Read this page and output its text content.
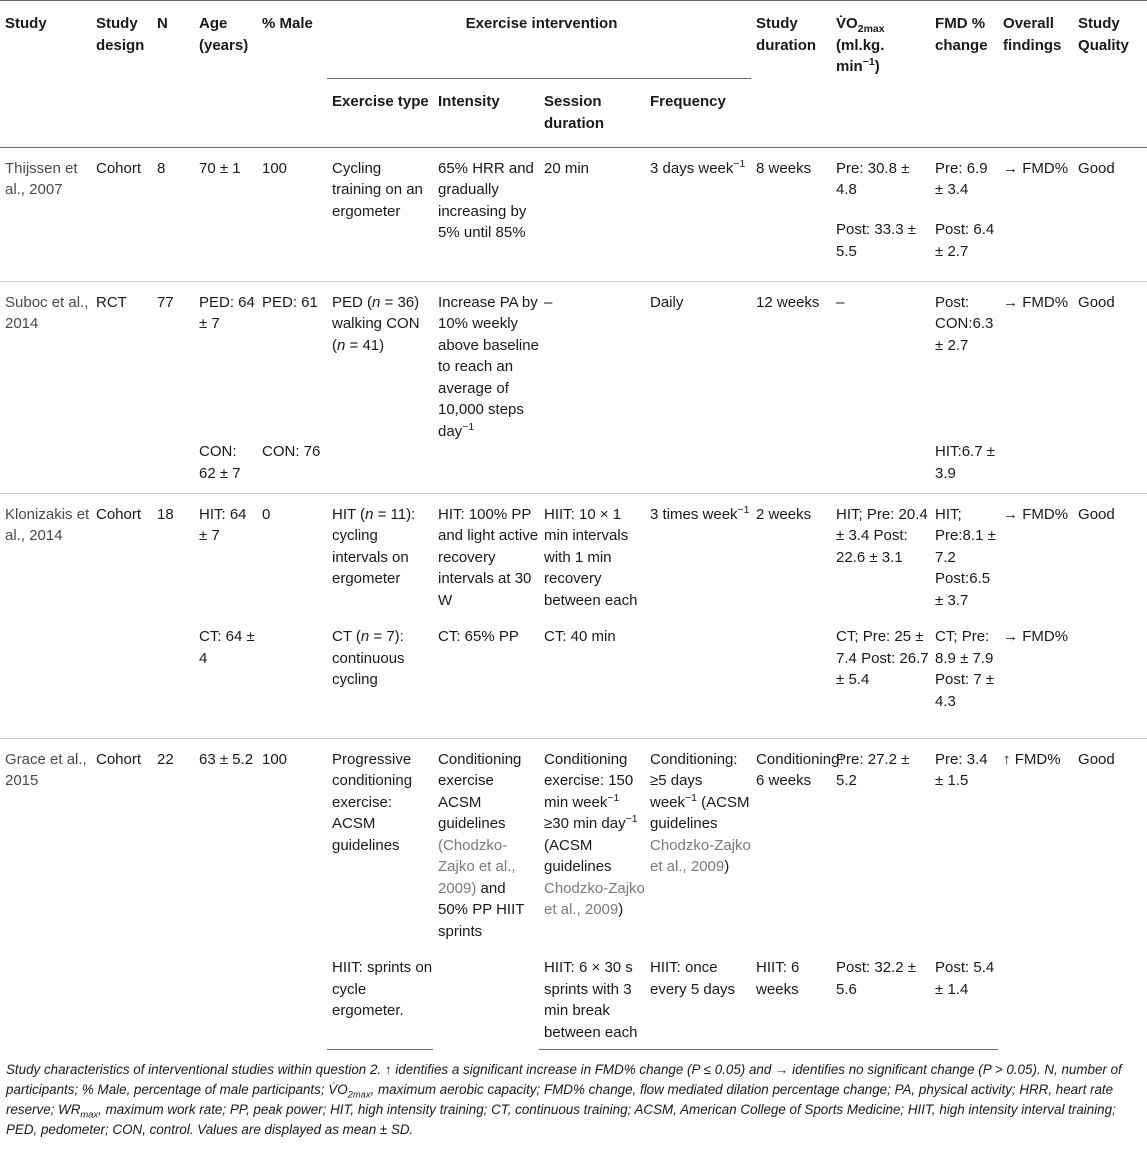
Study	Study design	N	Age (years)	% Male	Exercise intervention				Study duration	$V̇O_{2max}$ (ml.kg. $\min^{-1}$)	FMD % change	Overall findings	Study Quality
					Exercise type	Intensity	Session duration	Frequency					

Thijssen et al., 2007	Cohort	8	70 ± 1	100	Cycling training on an ergometer	65% HRR and gradually increasing by 5% until 85%	20 min	3 days week$^{-1}$	8 weeks	Pre: 30.8 ± 4.8	Pre: 6.9 ± 3.4	→ FMD%	Good
										Post: 33.3 ± 5.5	Post: 6.4 ± 2.7		
Suboc et al., 2014	RCT	77	PED: 64 ± 7	PED: 61	PED (n = 36) walking CON (n = 41)	Increase PA by 10% weekly above baseline to reach an average of 10,000 steps day$^{-1}$	–	Daily	12 weeks	–	Post: CON:6.3 ± 2.7	→ FMD%	Good
			CON: 62 ± 7	CON: 76							HIT:6.7 ± 3.9		
Klonizakis et al., 2014	Cohort	18	HIT: 64 ± 7	0	HIT (n = 11): cycling intervals on ergometer	HIT: 100% PP and light active recovery intervals at 30 W	HIIT: 10 × 1 min intervals with 1 min recovery between each	3 times week$^{-1}$	2 weeks	HIT; Pre: 20.4 ± 3.4 Post: 22.6 ± 3.1	HIT; Pre:8.1 ± 7.2 Post:6.5 ± 3.7	→ FMD%	Good
			CT: 64 ± 4		CT (n = 7): continuous cycling	CT: 65% PP	CT: 40 min			CT; Pre: 25 ± 7.4 Post: 26.7 ± 5.4	CT; Pre: 8.9 ± 7.9 Post: 7 ± 4.3	→ FMD%	
Grace et al., 2015	Cohort	22	63 ± 5.2	100	Progressive conditioning exercise: ACSM guidelines	Conditioning exercise ACSM guidelines (Chodzko-Zajko et al., 2009) and 50% PP HIIT sprints	Conditioning exercise: 150 min week$^{-1}$ ≥30 min day$^{-1}$ (ACSM guidelines Chodzko-Zajko et al., 2009)	Conditioning: ≥5 days week$^{-1}$ (ACSM guidelines Chodzko-Zajko et al., 2009)	Conditioning: 6 weeks	Pre: 27.2 ± 5.2	Pre: 3.4 ± 1.5	↑ FMD%	Good
					HIIT: sprints on cycle ergometer.		HIIT: 6 × 30 s sprints with 3 min break between each	HIIT: once every 5 days	HIIT: 6 weeks	Post: 32.2 ± 5.6	Post: 5.4 ± 1.4		
Study characteristics of interventional studies within question 2. ↑ identifies a significant increase in FMD% change (P ≤ 0.05) and → identifies no significant change (P > 0.05). N, number of participants; % Male, percentage of male participants; $V̇O_{2max}$, maximum aerobic capacity; FMD% change, flow mediated dilation percentage change; PA, physical activity; HRR, heart rate reserve; $WR_{max}$, maximum work rate; PP, peak power; HIT, high intensity training; CT, continuous training; ACSM, American College of Sports Medicine; HIIT, high intensity interval training; PED, pedometer; CON, control. Values are displayed as mean ± SD.
